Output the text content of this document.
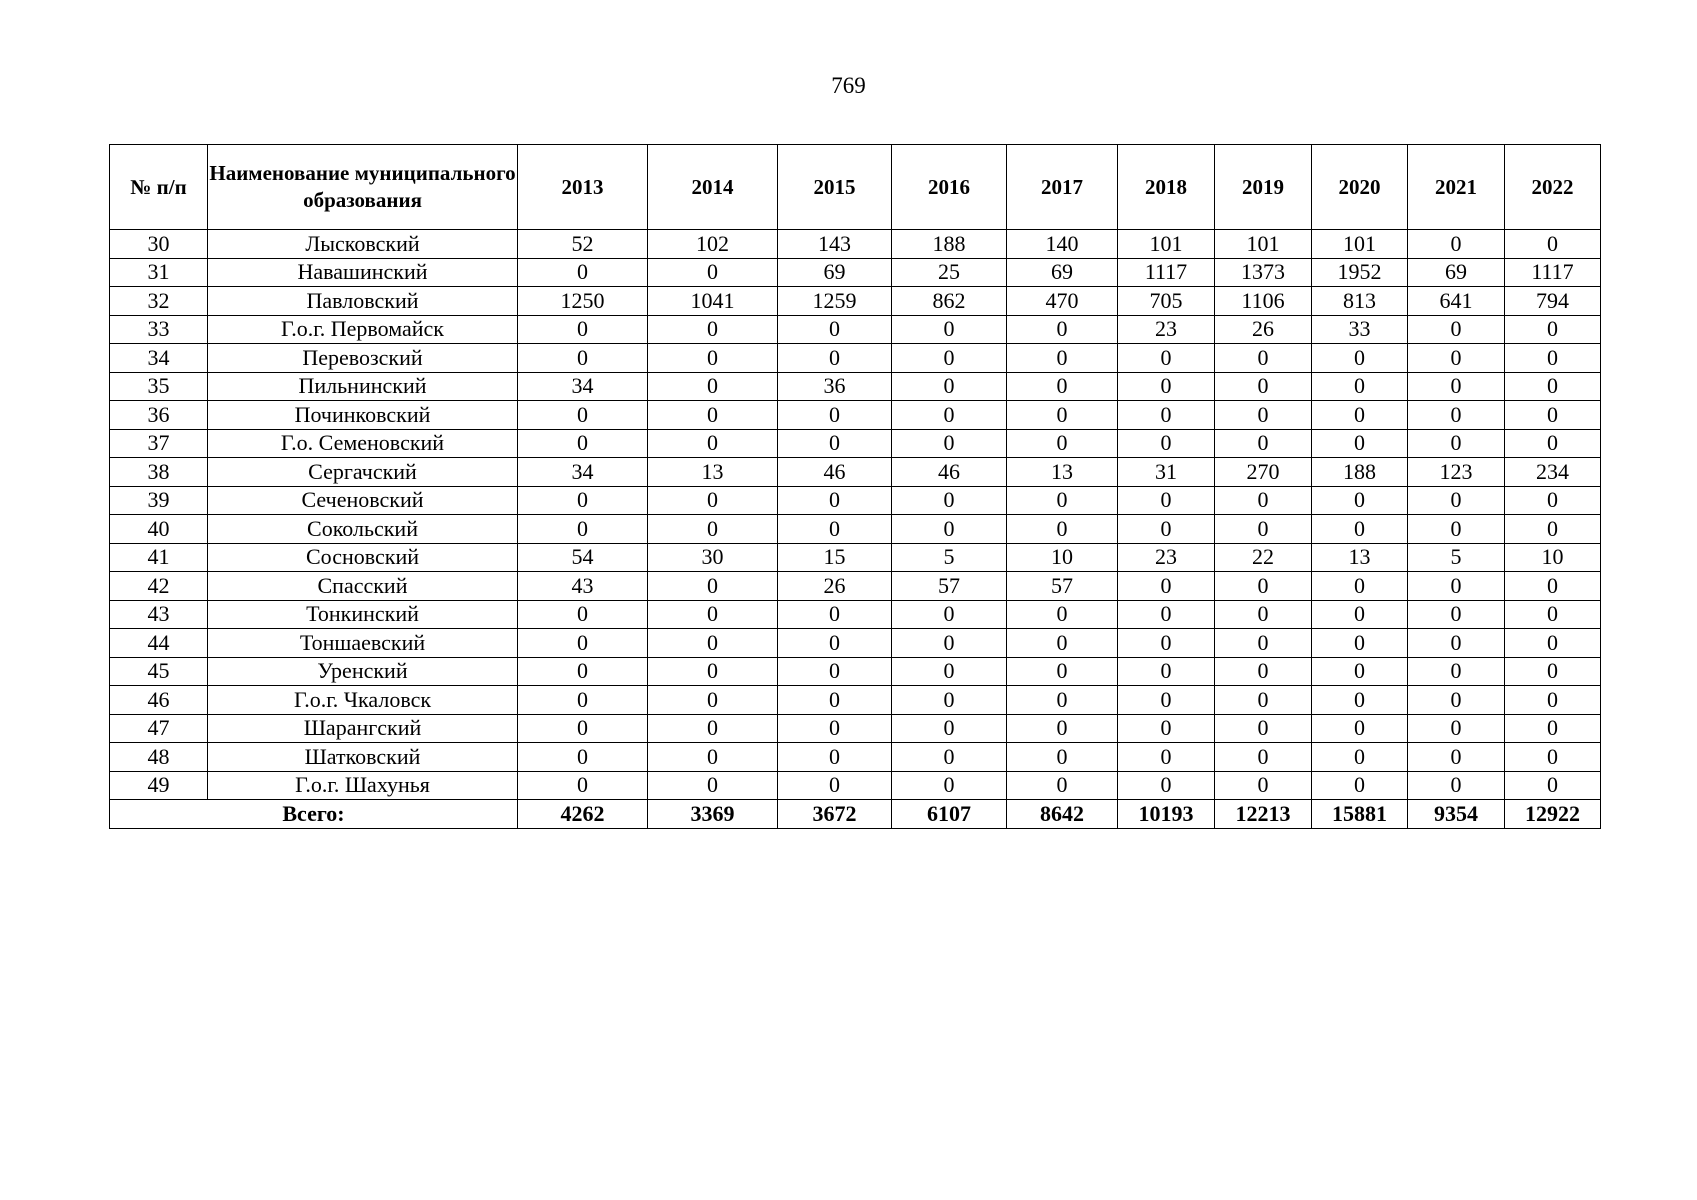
769
№ п/п	Наименование муниципального образования	2013	2014	2015	2016	2017	2018	2019	2020	2021	2022
30	Лысковский	52	102	143	188	140	101	101	101	0	0
31	Навашинский	0	0	69	25	69	1117	1373	1952	69	1117
32	Павловский	1250	1041	1259	862	470	705	1106	813	641	794
33	Г.о.г. Первомайск	0	0	0	0	0	23	26	33	0	0
34	Перевозский	0	0	0	0	0	0	0	0	0	0
35	Пильнинский	34	0	36	0	0	0	0	0	0	0
36	Починковский	0	0	0	0	0	0	0	0	0	0
37	Г.о. Семеновский	0	0	0	0	0	0	0	0	0	0
38	Сергачский	34	13	46	46	13	31	270	188	123	234
39	Сеченовский	0	0	0	0	0	0	0	0	0	0
40	Сокольский	0	0	0	0	0	0	0	0	0	0
41	Сосновский	54	30	15	5	10	23	22	13	5	10
42	Спасский	43	0	26	57	57	0	0	0	0	0
43	Тонкинский	0	0	0	0	0	0	0	0	0	0
44	Тоншаевский	0	0	0	0	0	0	0	0	0	0
45	Уренский	0	0	0	0	0	0	0	0	0	0
46	Г.о.г. Чкаловск	0	0	0	0	0	0	0	0	0	0
47	Шарангский	0	0	0	0	0	0	0	0	0	0
48	Шатковский	0	0	0	0	0	0	0	0	0	0
49	Г.о.г. Шахунья	0	0	0	0	0	0	0	0	0	0
Всего:		4262	3369	3672	6107	8642	10193	12213	15881	9354	12922
